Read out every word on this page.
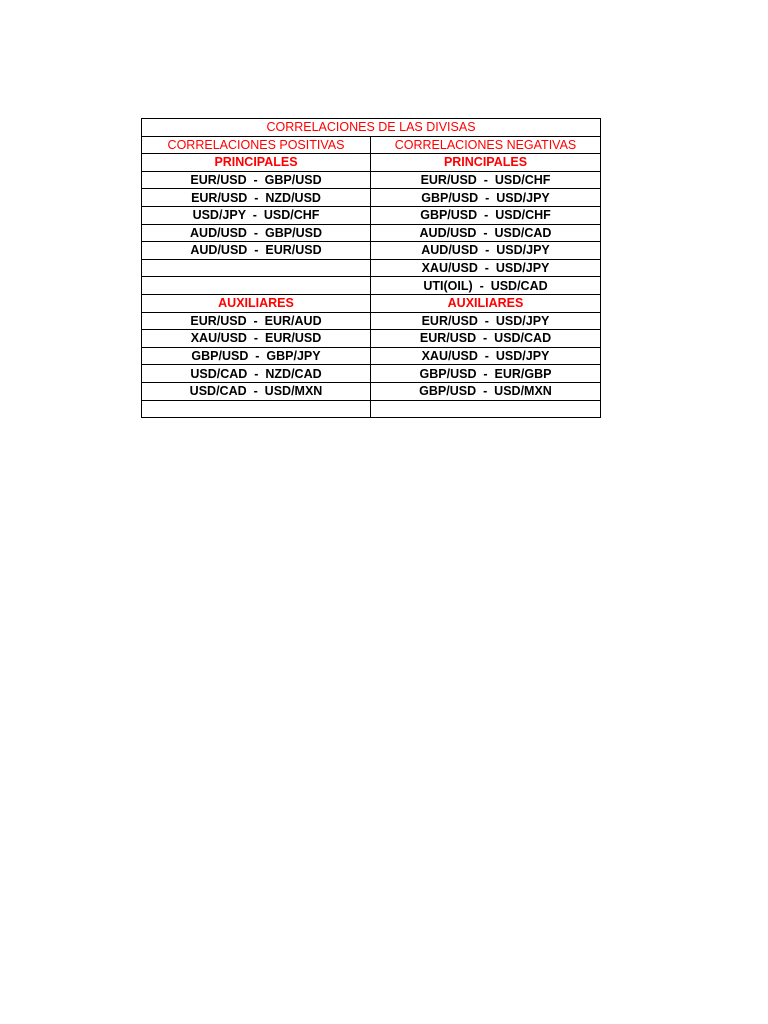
CORRELACIONES DE LAS DIVISAS	
CORRELACIONES POSITIVAS	CORRELACIONES NEGATIVAS
PRINCIPALES	PRINCIPALES
EUR/USD  -  GBP/USD	EUR/USD  -  USD/CHF
EUR/USD  -  NZD/USD	GBP/USD  -  USD/JPY
USD/JPY  -  USD/CHF	GBP/USD  -  USD/CHF
AUD/USD  -  GBP/USD	AUD/USD  -  USD/CAD
AUD/USD  -  EUR/USD	AUD/USD  -  USD/JPY
	XAU/USD  -  USD/JPY
	UTI(OIL)  -  USD/CAD
AUXILIARES	AUXILIARES
EUR/USD  -  EUR/AUD	EUR/USD  -  USD/JPY
XAU/USD  -  EUR/USD	EUR/USD  -  USD/CAD
GBP/USD  -  GBP/JPY	XAU/USD  -  USD/JPY
USD/CAD  -  NZD/CAD	GBP/USD  -  EUR/GBP
USD/CAD  -  USD/MXN	GBP/USD  -  USD/MXN
